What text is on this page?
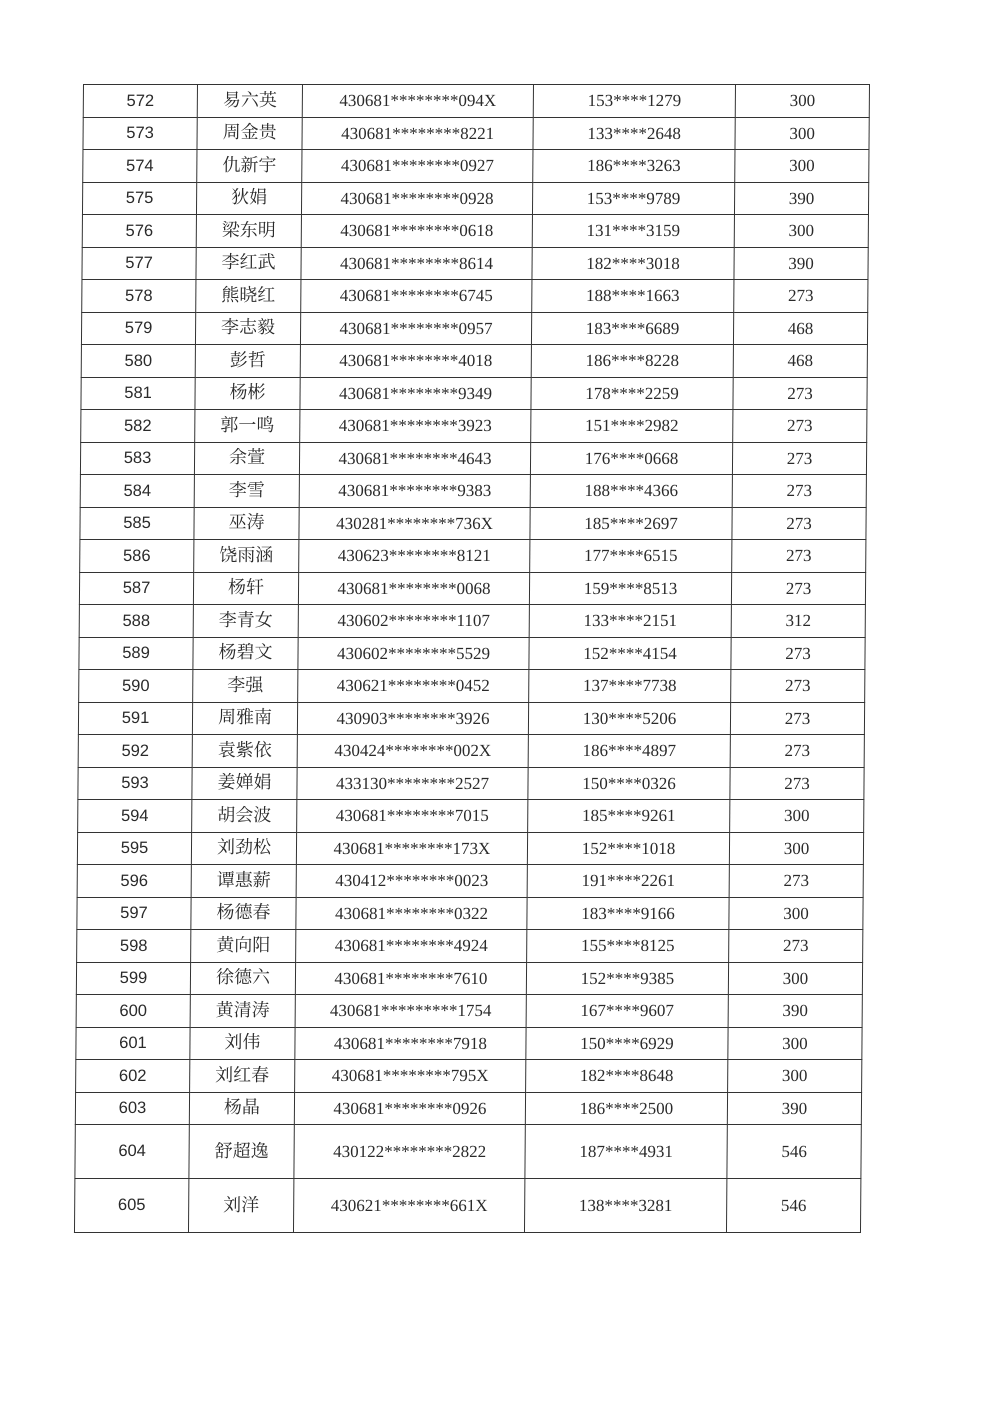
572	易六英	430681********094X	153****1279	300
573	周金贵	430681********8221	133****2648	300
574	仇新宇	430681********0927	186****3263	300
575	狄娟	430681********0928	153****9789	390
576	梁东明	430681********0618	131****3159	300
577	李红武	430681********8614	182****3018	390
578	熊晓红	430681********6745	188****1663	273
579	李志毅	430681********0957	183****6689	468
580	彭哲	430681********4018	186****8228	468
581	杨彬	430681********9349	178****2259	273
582	郭一鸣	430681********3923	151****2982	273
583	余萱	430681********4643	176****0668	273
584	李雪	430681********9383	188****4366	273
585	巫涛	430281********736X	185****2697	273
586	饶雨涵	430623********8121	177****6515	273
587	杨轩	430681********0068	159****8513	273
588	李青女	430602********1107	133****2151	312
589	杨碧文	430602********5529	152****4154	273
590	李强	430621********0452	137****7738	273
591	周雅南	430903********3926	130****5206	273
592	袁紫依	430424********002X	186****4897	273
593	姜婵娟	433130********2527	150****0326	273
594	胡会波	430681********7015	185****9261	300
595	刘劲松	430681********173X	152****1018	300
596	谭惠薪	430412********0023	191****2261	273
597	杨德春	430681********0322	183****9166	300
598	黄向阳	430681********4924	155****8125	273
599	徐德六	430681********7610	152****9385	300
600	黄清涛	430681*********1754	167****9607	390
601	刘伟	430681********7918	150****6929	300
602	刘红春	430681********795X	182****8648	300
603	杨晶	430681********0926	186****2500	390
604	舒超逸	430122********2822	187****4931	546
605	刘洋	430621********661X	138****3281	546
